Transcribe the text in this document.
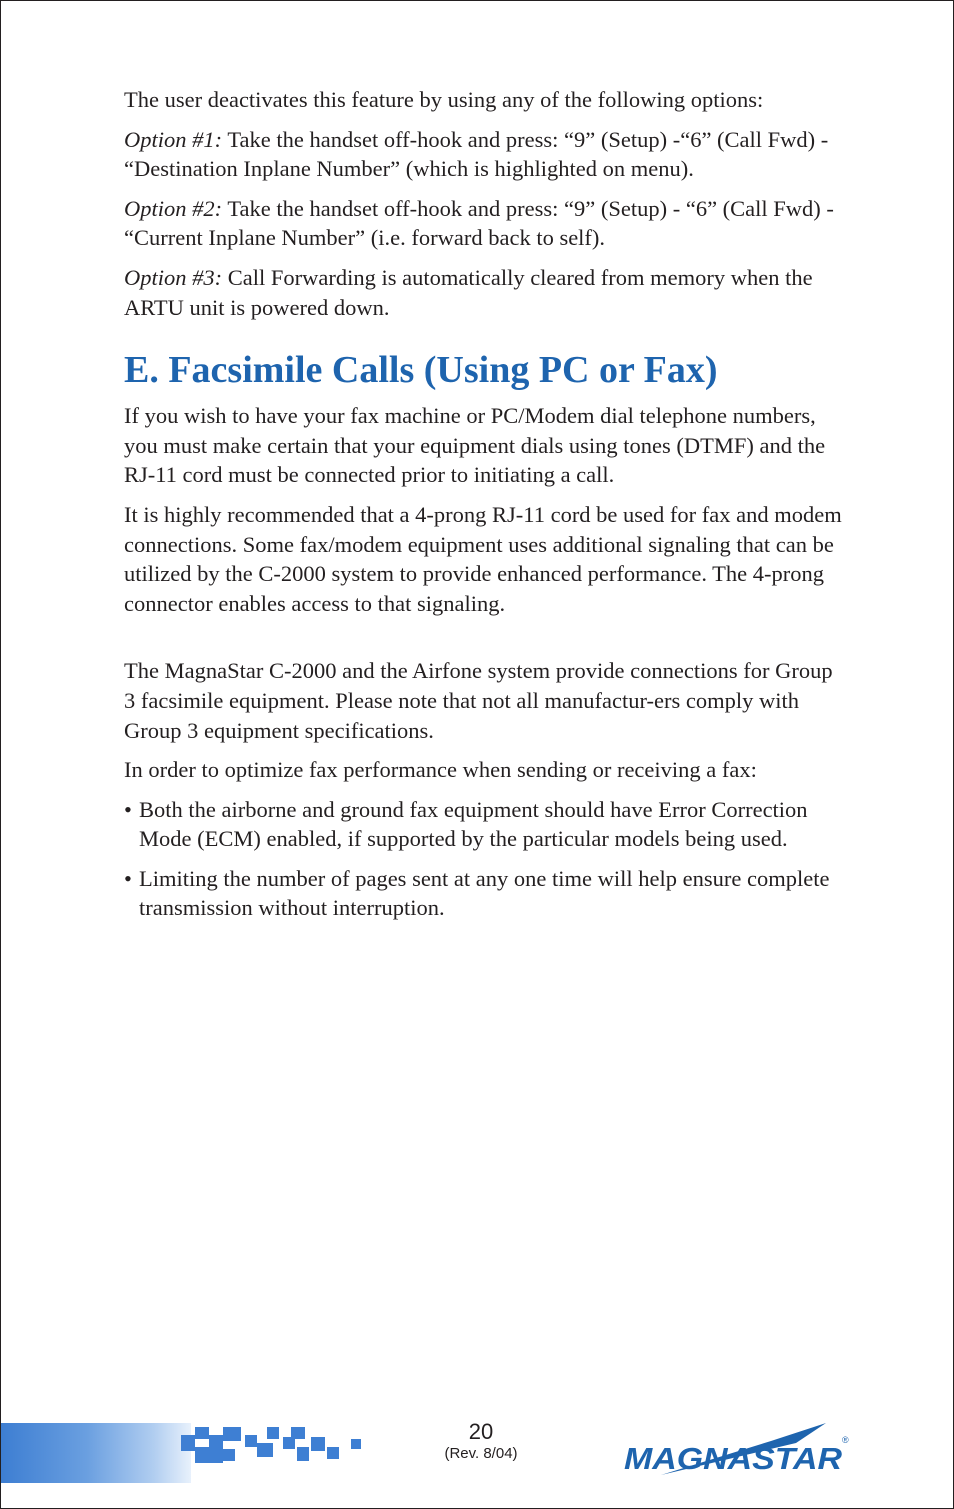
The user deactivates this feature by using any of the following options:

Option #1: Take the handset off-hook and press: “9” (Setup) -“6” (Call Fwd) - “Destination Inplane Number” (which is highlighted on menu).

Option #2: Take the handset off-hook and press: “9” (Setup) - “6” (Call Fwd) - “Current Inplane Number” (i.e. forward back to self).

Option #3: Call Forwarding is automatically cleared from memory when the ARTU unit is powered down.

E. Facsimile Calls (Using PC or Fax)

If you wish to have your fax machine or PC/Modem dial telephone numbers, you must make certain that your equipment dials using tones (DTMF) and the RJ-11 cord must be connected prior to initiating a call.

It is highly recommended that a 4-prong RJ-11 cord be used for fax and modem connections. Some fax/modem equipment uses additional signaling that can be utilized by the C-2000 system to provide enhanced performance. The 4-prong connector enables access to that signaling.

The MagnaStar C-2000 and the Airfone system provide connections for Group 3 facsimile equipment. Please note that not all manufactur-ers comply with Group 3 equipment specifications.

In order to optimize fax performance when sending or receiving a fax:

• Both the airborne and ground fax equipment should have Error Correction Mode (ECM) enabled, if supported by the particular models being used.

• Limiting the number of pages sent at any one time will help ensure complete transmission without interruption.

20
(Rev. 8/04)	MAGNASTAR
®
